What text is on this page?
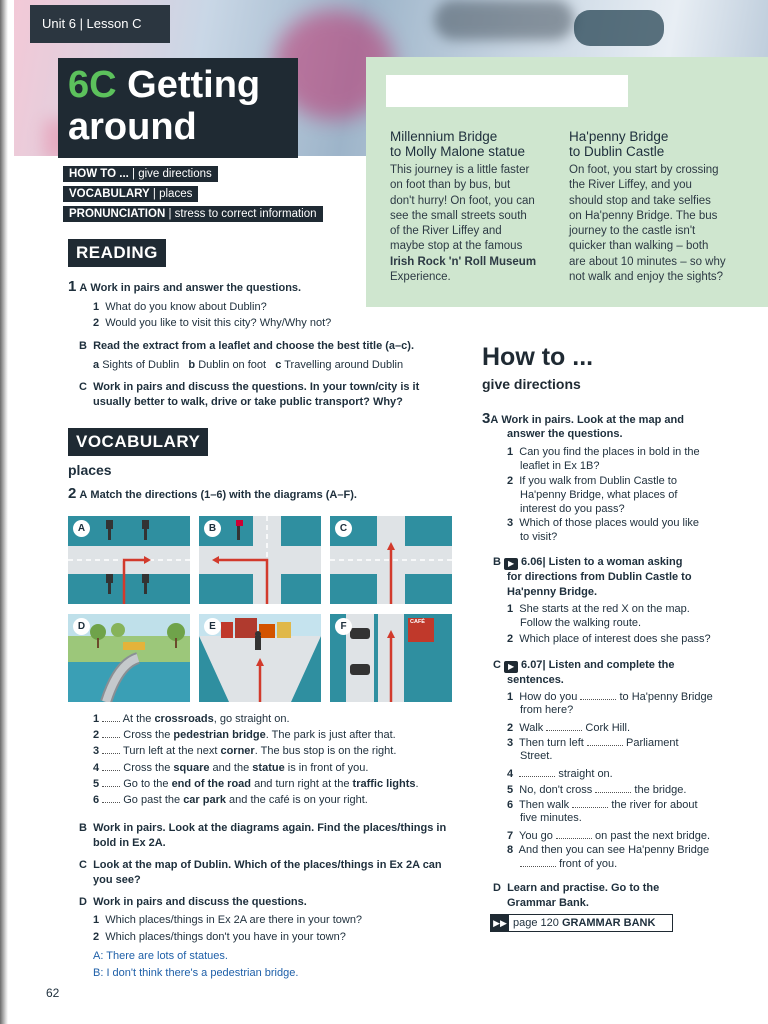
Unit 6 | Lesson C
6C Getting
around
HOW TO ... | give directions
VOCABULARY | places
PRONUNCIATION | stress to correct information
Millennium Bridge
to Molly Malone statue
This journey is a little faster
on foot than by bus, but
don't hurry! On foot, you can
see the small streets south
of the River Liffey and
maybe stop at the famous
Irish Rock 'n' Roll Museum
Experience.
Ha'penny Bridge
to Dublin Castle
On foot, you start by crossing
the River Liffey, and you
should stop and take selfies
on Ha'penny Bridge. The bus
journey to the castle isn't
quicker than walking – both
are about 10 minutes – so why
not walk and enjoy the sights?
READING
1 A Work in pairs and answer the questions.
1 What do you know about Dublin?
2 Would you like to visit this city? Why/Why not?
B Read the extract from a leaflet and choose the best title (a–c).
a Sights of Dublin b Dublin on foot c Travelling around Dublin
C Work in pairs and discuss the questions. In your town/city is it
usually better to walk, drive or take public transport? Why?
VOCABULARY
places
2 A Match the directions (1–6) with the diagrams (A–F).
A	B	C
D	E	CAFÉ
F
1 At the crossroads, go straight on.
2 Cross the pedestrian bridge. The park is just after that.
3 Turn left at the next corner. The bus stop is on the right.
4 Cross the square and the statue is in front of you.
5 Go to the end of the road and turn right at the traffic lights.
6 Go past the car park and the café is on your right.
B Work in pairs. Look at the diagrams again. Find the places/things in
bold in Ex 2A.
C Look at the map of Dublin. Which of the places/things in Ex 2A can
you see?
D Work in pairs and discuss the questions.
1 Which places/things in Ex 2A are there in your town?
2 Which places/things don't you have in your town?
A: There are lots of statues.
B: I don't think there's a pedestrian bridge.
62
How to ...
give directions
3A Work in pairs. Look at the map and
answer the questions.
1 Can you find the places in bold in the
leaflet in Ex 1B?
2 If you walk from Dublin Castle to
Ha'penny Bridge, what places of
interest do you pass?
3 Which of those places would you like
to visit?
B ▶ 6.06| Listen to a woman asking
for directions from Dublin Castle to
Ha'penny Bridge.
1 She starts at the red X on the map.
Follow the walking route.
2 Which place of interest does she pass?
C ▶ 6.07| Listen and complete the
sentences.
1 How do you	to Ha'penny Bridge
from here?
2 Walk	Cork Hill.
3 Then turn left	Parliament
Street.
4	straight on.
5 No, don't cross	the bridge.
6 Then walk	the river for about
five minutes.
7 You go	on past the next bridge.
8 And then you can see Ha'penny Bridge
front of you.
D Learn and practise. Go to the
Grammar Bank.
▶▶ page 120
GRAMMAR BANK
